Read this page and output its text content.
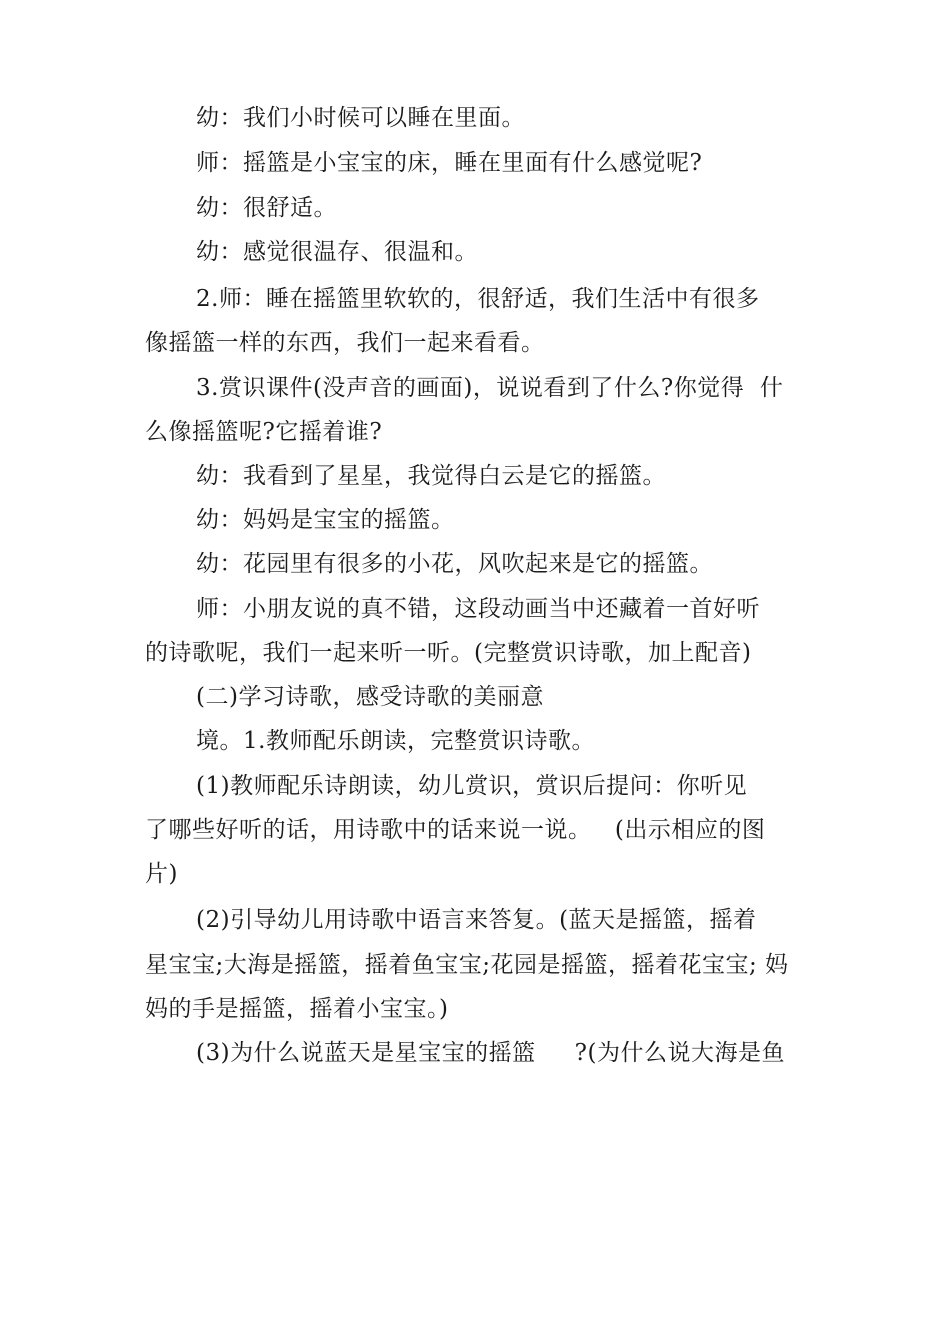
幼：我们小时候可以睡在里面。
师：摇篮是小宝宝的床，睡在里面有什么感觉呢?
幼：很舒适。
幼：感觉很温存、很温和。
2.师：睡在摇篮里软软的，很舒适，我们生活中有很多
像摇篮一样的东西，我们一起来看看。
3.赏识课件(没声音的画面)，说说看到了什么?你觉得  什
么像摇篮呢?它摇着谁?
幼：我看到了星星，我觉得白云是它的摇篮。
幼：妈妈是宝宝的摇篮。
幼：花园里有很多的小花，风吹起来是它的摇篮。
师：小朋友说的真不错，这段动画当中还藏着一首好听
的诗歌呢，我们一起来听一听。(完整赏识诗歌，加上配音)
(二)学习诗歌，感受诗歌的美丽意
境。1.教师配乐朗读，完整赏识诗歌。
(1)教师配乐诗朗读，幼儿赏识，赏识后提问：你听见
了哪些好听的话，用诗歌中的话来说一说。   (出示相应的图
片)
(2)引导幼儿用诗歌中语言来答复。(蓝天是摇篮，摇着
星宝宝;大海是摇篮，摇着鱼宝宝;花园是摇篮，摇着花宝宝; 妈
妈的手是摇篮，摇着小宝宝。)
(3)为什么说蓝天是星宝宝的摇篮     ?(为什么说大海是鱼
